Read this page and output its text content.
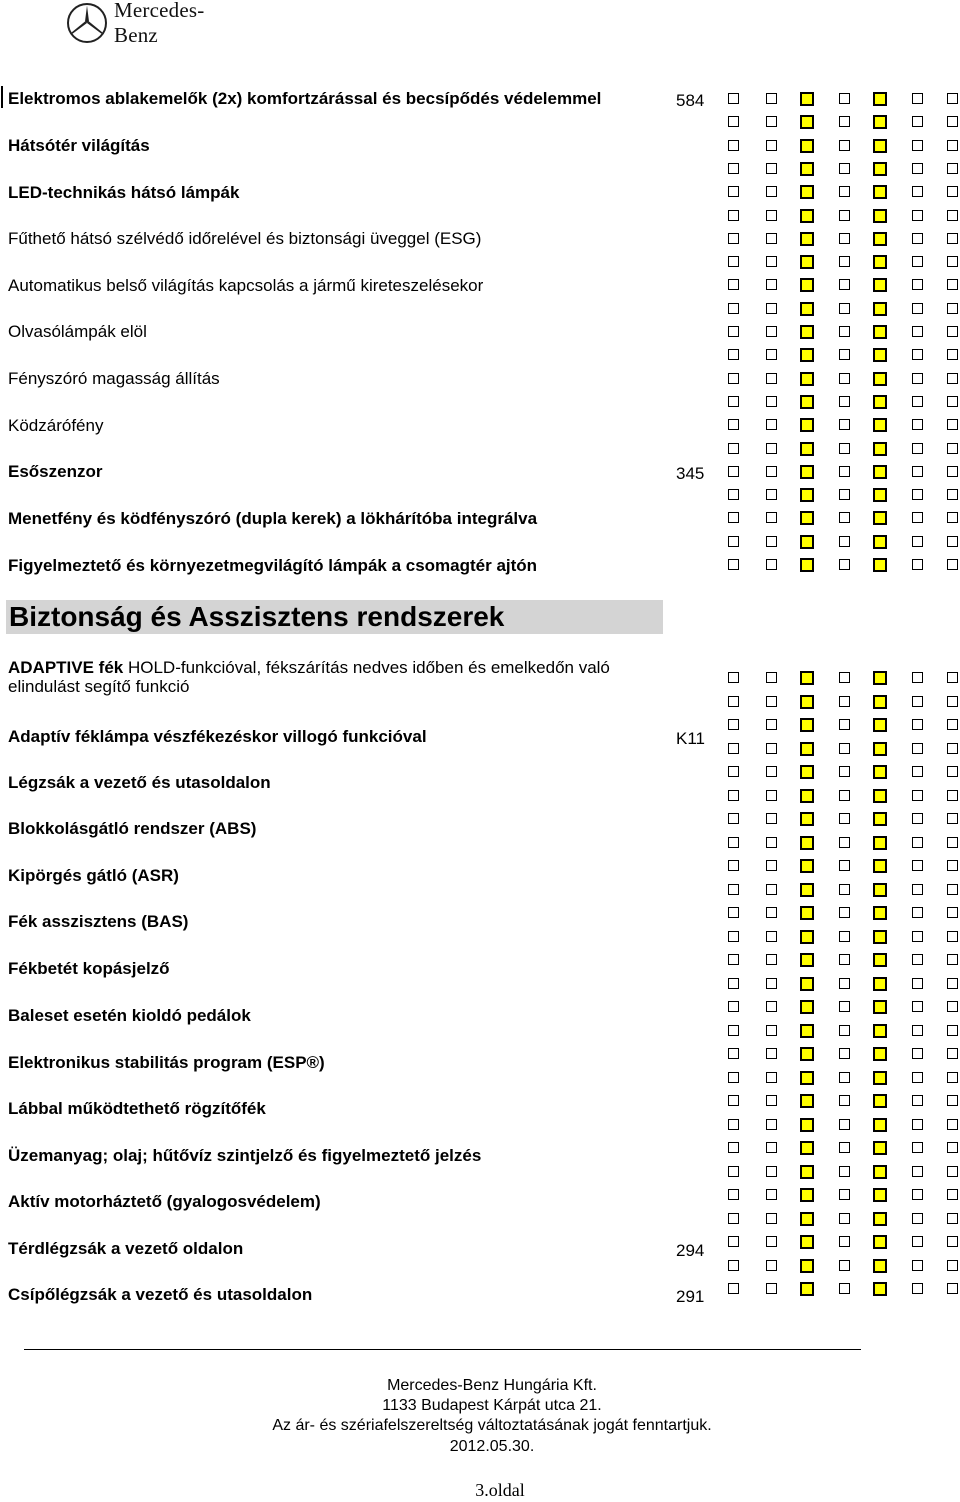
Mercedes-Benz
Elektromos ablakemelők (2x) komfortzárással és becsípődés védelemmel	584
Hátsótér világítás
LED-technikás hátsó lámpák
Fűthető hátsó szélvédő időrelével és biztonsági üveggel (ESG)
Automatikus belső világítás kapcsolás a jármű kireteszelésekor
Olvasólámpák elöl
Fényszóró magasság állítás
Ködzárófény
Esőszenzor	345
Menetfény és ködfényszóró (dupla kerek) a lökhárítóba integrálva
Figyelmeztető és környezetmegvilágító lámpák a csomagtér ajtón
Biztonság és Asszisztens rendszerek
ADAPTIVE fék HOLD-funkcióval, fékszárítás nedves időben és emelkedőn való
elindulást segítő funkció
Adaptív féklámpa vészfékezéskor villogó funkcióval	K11
Légzsák a vezető és utasoldalon
Blokkolásgátló rendszer (ABS)
Kipörgés gátló (ASR)
Fék asszisztens (BAS)
Fékbetét kopásjelző
Baleset esetén kioldó pedálok
Elektronikus stabilitás program (ESP®)
Lábbal működtethető rögzítőfék
Üzemanyag; olaj; hűtővíz szintjelző és figyelmeztető jelzés
Aktív motorháztető (gyalogosvédelem)
Térdlégzsák a vezető oldalon	294
Csípőlégzsák a vezető és utasoldalon	291
Mercedes-Benz Hungária Kft.
1133 Budapest Kárpát utca 21.
Az ár- és szériafelszereltség változtatásának jogát fenntartjuk.
2012.05.30.
3.oldal
